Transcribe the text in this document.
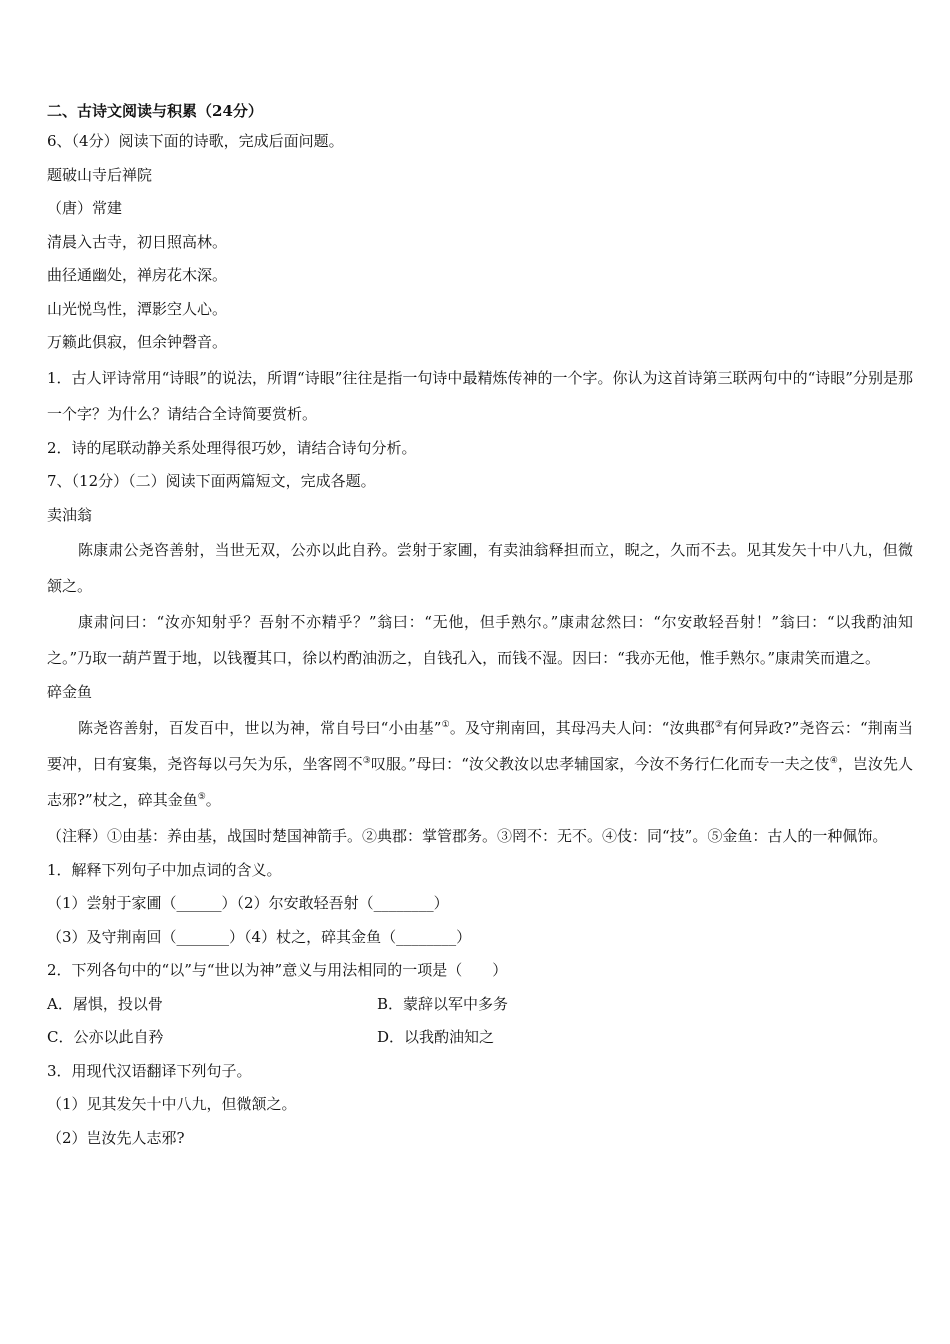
二、古诗文阅读与积累（24分）
6、（4分）阅读下面的诗歌，完成后面问题。
题破山寺后禅院
（唐）常建
清晨入古寺，初日照高林。
曲径通幽处，禅房花木深。
山光悦鸟性，潭影空人心。
万籁此俱寂，但余钟磬音。
1．古人评诗常用“诗眼”的说法，所谓“诗眼”往往是指一句诗中最精炼传神的一个字。你认为这首诗第三联两句中的“诗眼”分别是那一个字？为什么？请结合全诗简要赏析。
2．诗的尾联动静关系处理得很巧妙，请结合诗句分析。
7、（12分）（二）阅读下面两篇短文，完成各题。
卖油翁
陈康肃公尧咨善射，当世无双，公亦以此自矜。尝射于家圃，有卖油翁释担而立，睨之，久而不去。见其发矢十中八九，但微颔之。
康肃问曰：“汝亦知射乎？吾射不亦精乎？”翁曰：“无他，但手熟尔。”康肃忿然曰：“尔安敢轻吾射！”翁曰：“以我酌油知之。”乃取一葫芦置于地，以钱覆其口，徐以杓酌油沥之，自钱孔入，而钱不湿。因曰：“我亦无他，惟手熟尔。”康肃笑而遣之。
碎金鱼
陈尧咨善射，百发百中，世以为神，常自号曰“小由基”①。及守荆南回，其母冯夫人问：“汝典郡②有何异政?”尧咨云：“荆南当要冲，日有宴集，尧咨每以弓矢为乐，坐客罔不③叹服。”母曰：“汝父教汝以忠孝辅国家，今汝不务行仁化而专一夫之伎④，岂汝先人志邪?”杖之，碎其金鱼⑤。
（注释）①由基：养由基，战国时楚国神箭手。②典郡：掌管郡务。③罔不：无不。④伎：同“技”。⑤金鱼：古人的一种佩饰。
1．解释下列句子中加点词的含义。
（1）尝射于家圃（______）（2）尔安敢轻吾射（________）
（3）及守荆南回（_______）（4）杖之，碎其金鱼（________）
2．下列各句中的“以”与“世以为神”意义与用法相同的一项是（　　）
A．屠惧，投以骨	B．蒙辞以军中多务
C．公亦以此自矜	D．以我酌油知之
3．用现代汉语翻译下列句子。
（1）见其发矢十中八九，但微颔之。
（2）岂汝先人志邪?
